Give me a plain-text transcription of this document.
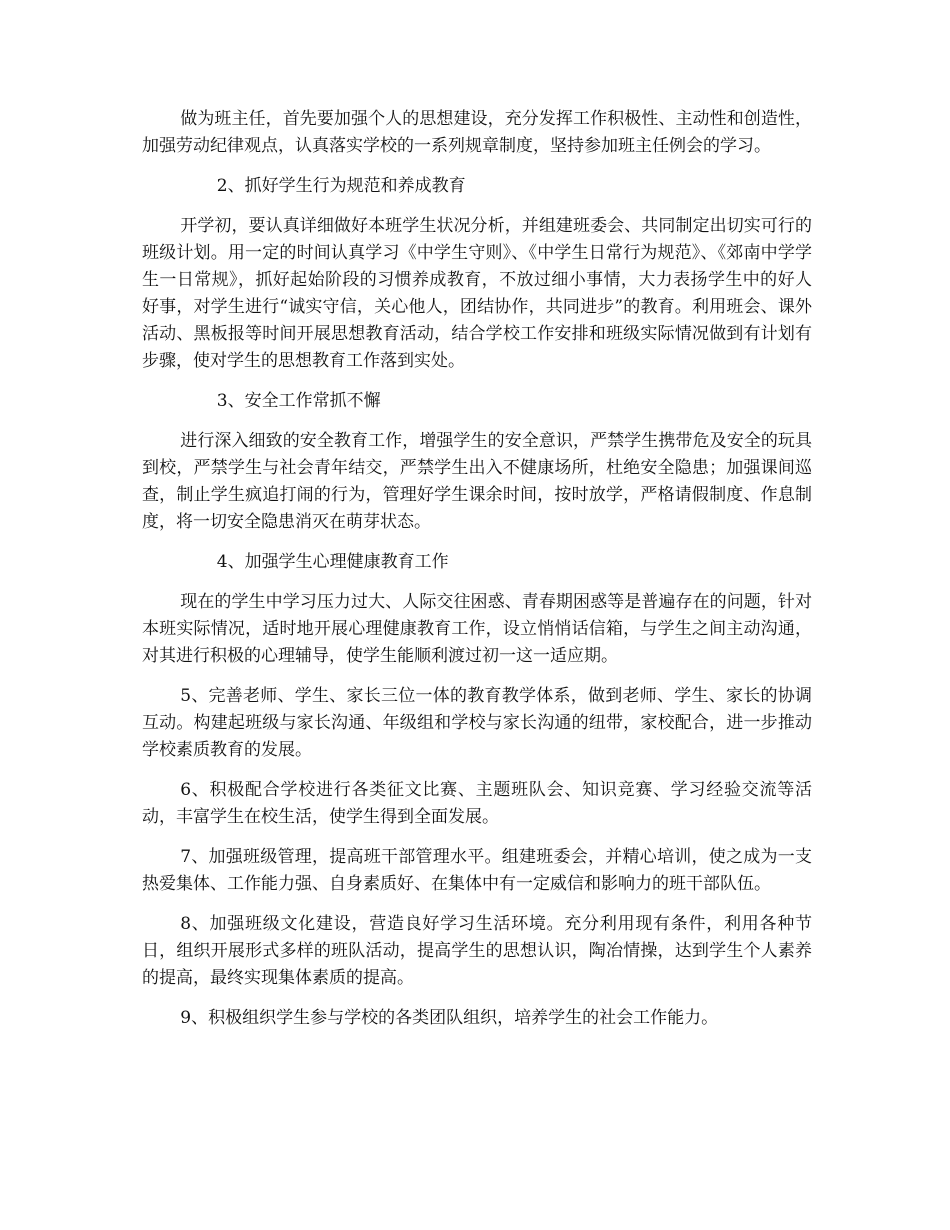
做为班主任，首先要加强个人的思想建设，充分发挥工作积极性、主动性和创造性，加强劳动纪律观点，认真落实学校的一系列规章制度，坚持参加班主任例会的学习。

2、抓好学生行为规范和养成教育

开学初，要认真详细做好本班学生状况分析，并组建班委会、共同制定出切实可行的班级计划。用一定的时间认真学习《中学生守则》、《中学生日常行为规范》、《郊南中学学生一日常规》，抓好起始阶段的习惯养成教育，不放过细小事情，大力表扬学生中的好人好事，对学生进行“诚实守信，关心他人，团结协作，共同进步”的教育。利用班会、课外活动、黑板报等时间开展思想教育活动，结合学校工作安排和班级实际情况做到有计划有步骤，使对学生的思想教育工作落到实处。

3、安全工作常抓不懈

进行深入细致的安全教育工作，增强学生的安全意识，严禁学生携带危及安全的玩具到校，严禁学生与社会青年结交，严禁学生出入不健康场所，杜绝安全隐患；加强课间巡查，制止学生疯追打闹的行为，管理好学生课余时间，按时放学，严格请假制度、作息制度，将一切安全隐患消灭在萌芽状态。

4、加强学生心理健康教育工作

现在的学生中学习压力过大、人际交往困惑、青春期困惑等是普遍存在的问题，针对本班实际情况，适时地开展心理健康教育工作，设立悄悄话信箱，与学生之间主动沟通，对其进行积极的心理辅导，使学生能顺利渡过初一这一适应期。

5、完善老师、学生、家长三位一体的教育教学体系，做到老师、学生、家长的协调互动。构建起班级与家长沟通、年级组和学校与家长沟通的纽带，家校配合，进一步推动学校素质教育的发展。

6、积极配合学校进行各类征文比赛、主题班队会、知识竞赛、学习经验交流等活动，丰富学生在校生活，使学生得到全面发展。

7、加强班级管理，提高班干部管理水平。组建班委会，并精心培训，使之成为一支热爱集体、工作能力强、自身素质好、在集体中有一定威信和影响力的班干部队伍。

8、加强班级文化建设，营造良好学习生活环境。充分利用现有条件，利用各种节日，组织开展形式多样的班队活动，提高学生的思想认识，陶冶情操，达到学生个人素养的提高，最终实现集体素质的提高。

9、积极组织学生参与学校的各类团队组织，培养学生的社会工作能力。
